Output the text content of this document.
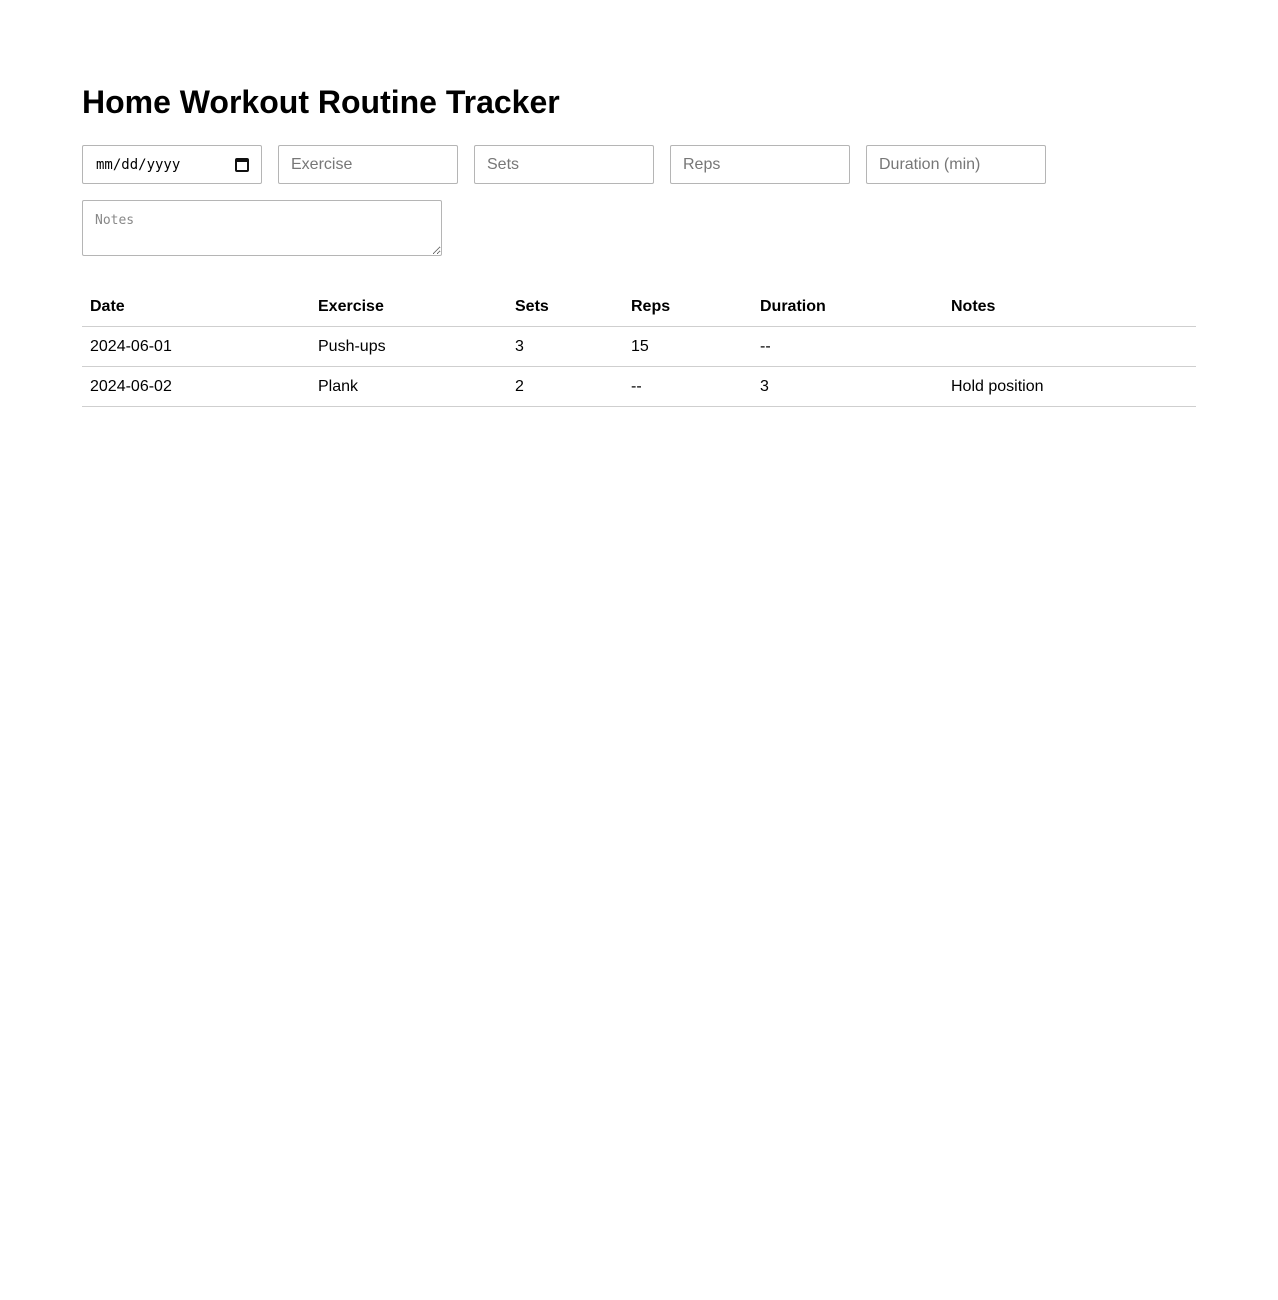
Home Workout Routine Tracker
mm/dd/yyyy
Exercise
Sets
Reps
Duration (min)
Notes
Date	Exercise	Sets	Reps	Duration	Notes
2024-06-01	Push-ups	3	15	--	
2024-06-02	Plank	2	--	3	Hold position
